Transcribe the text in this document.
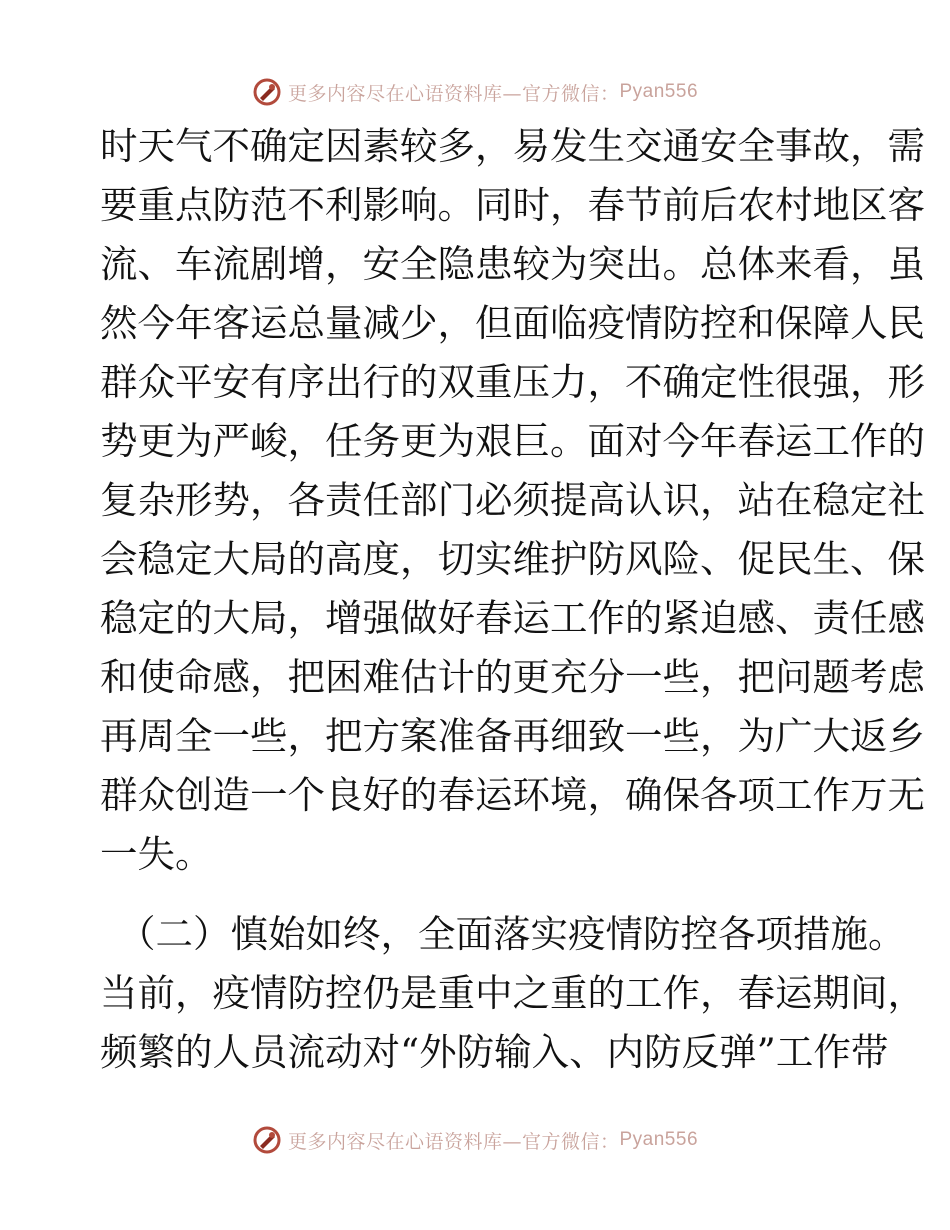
更多内容尽在心语资料库—官方微信： Pyan556
时天气不确定因素较多，易发生交通安全事故，需
要重点防范不利影响。同时，春节前后农村地区客
流、车流剧增，安全隐患较为突出。总体来看，虽
然今年客运总量减少，但面临疫情防控和保障人民
群众平安有序出行的双重压力，不确定性很强，形
势更为严峻，任务更为艰巨。面对今年春运工作的
复杂形势，各责任部门必须提高认识，站在稳定社
会稳定大局的高度，切实维护防风险、促民生、保
稳定的大局，增强做好春运工作的紧迫感、责任感
和使命感，把困难估计的更充分一些，把问题考虑
再周全一些，把方案准备再细致一些，为广大返乡
群众创造一个良好的春运环境，确保各项工作万无
一失。
（二）慎始如终，全面落实疫情防控各项措施。
当前，疫情防控仍是重中之重的工作，春运期间，
频繁的人员流动对“外防输入、内防反弹”工作带
更多内容尽在心语资料库—官方微信： Pyan556
